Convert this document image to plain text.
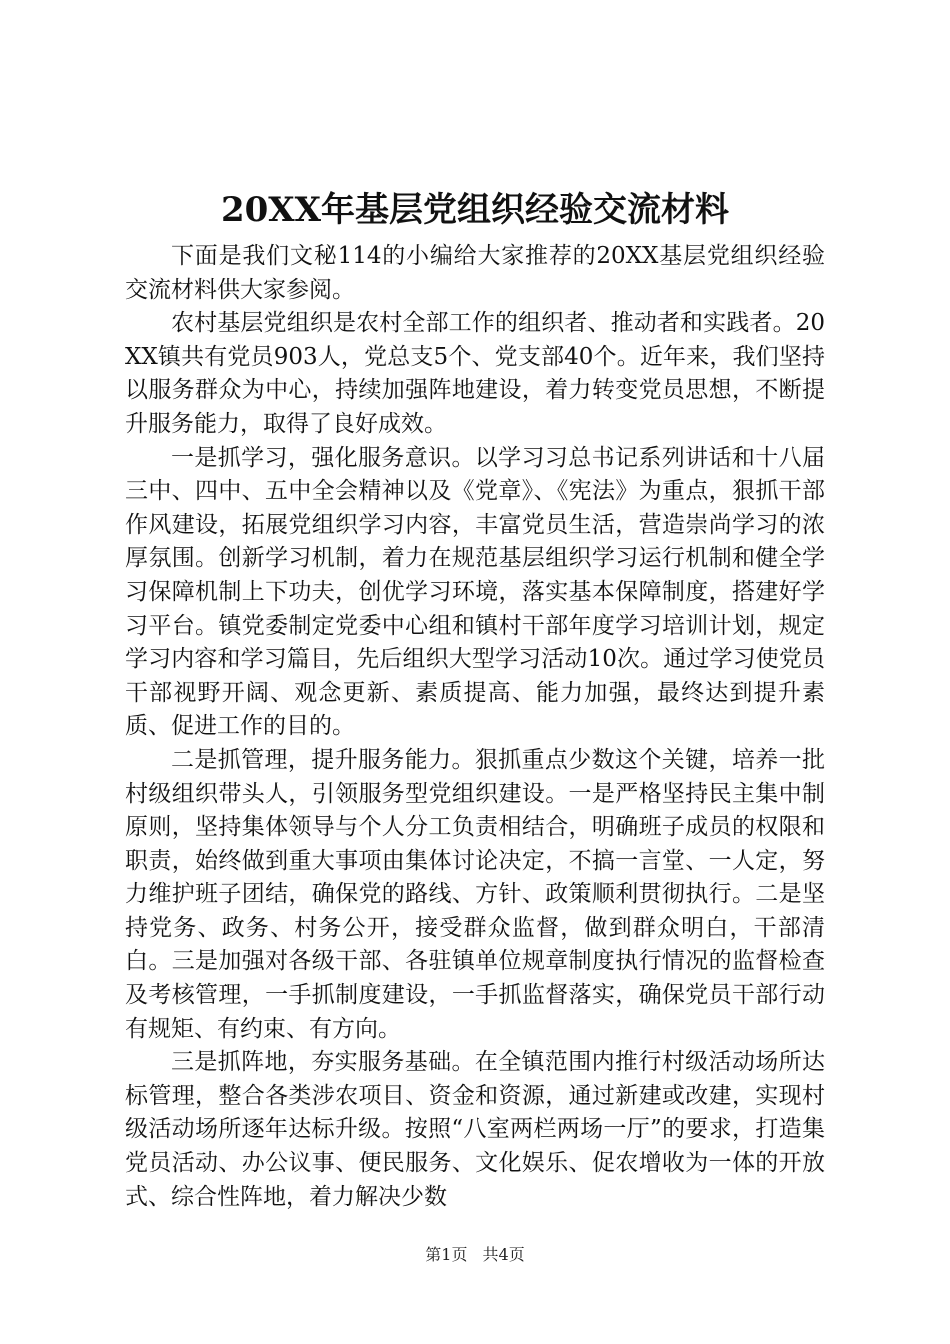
20XX年基层党组织经验交流材料

下面是我们文秘114的小编给大家推荐的20XX基层党组织经验交流材料供大家参阅。

农村基层党组织是农村全部工作的组织者、推动者和实践者。20XX镇共有党员903人，党总支5个、党支部40个。近年来，我们坚持以服务群众为中心，持续加强阵地建设，着力转变党员思想，不断提升服务能力，取得了良好成效。

一是抓学习，强化服务意识。以学习习总书记系列讲话和十八届三中、四中、五中全会精神以及《党章》、《宪法》为重点，狠抓干部作风建设，拓展党组织学习内容，丰富党员生活，营造崇尚学习的浓厚氛围。创新学习机制，着力在规范基层组织学习运行机制和健全学习保障机制上下功夫，创优学习环境，落实基本保障制度，搭建好学习平台。镇党委制定党委中心组和镇村干部年度学习培训计划，规定学习内容和学习篇目，先后组织大型学习活动10次。通过学习使党员干部视野开阔、观念更新、素质提高、能力加强，最终达到提升素质、促进工作的目的。

二是抓管理，提升服务能力。狠抓重点少数这个关键，培养一批村级组织带头人，引领服务型党组织建设。一是严格坚持民主集中制原则，坚持集体领导与个人分工负责相结合，明确班子成员的权限和职责，始终做到重大事项由集体讨论决定，不搞一言堂、一人定，努力维护班子团结，确保党的路线、方针、政策顺利贯彻执行。二是坚持党务、政务、村务公开，接受群众监督，做到群众明白，干部清白。三是加强对各级干部、各驻镇单位规章制度执行情况的监督检查及考核管理，一手抓制度建设，一手抓监督落实，确保党员干部行动有规矩、有约束、有方向。

三是抓阵地，夯实服务基础。在全镇范围内推行村级活动场所达标管理，整合各类涉农项目、资金和资源，通过新建或改建，实现村级活动场所逐年达标升级。按照“八室两栏两场一厅”的要求，打造集党员活动、办公议事、便民服务、文化娱乐、促农增收为一体的开放式、综合性阵地，着力解决少数

第1页 共4页
